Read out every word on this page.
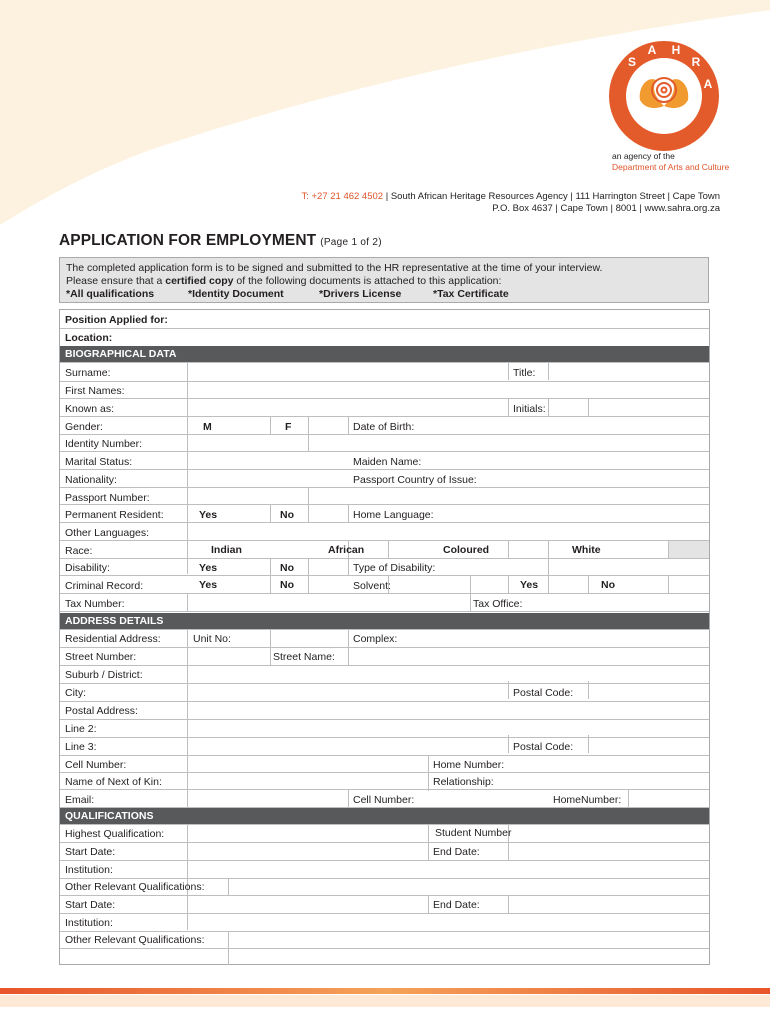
S
A H
R
A
an agency of the
Department of Arts and Culture
T: +27 21 462 4502 | South African Heritage Resources Agency | 111 Harrington Street | Cape Town
P.O. Box 4637 | Cape Town | 8001 | www.sahra.org.za
APPLICATION FOR EMPLOYMENT (Page 1 of 2)
The completed application form is to be signed and submitted to the HR representative at the time of your interview.
Please ensure that a certified copy of the following documents is attached to this application:
*All qualifications	*Identity Document	*Drivers License	*Tax Certificate
Position Applied for:
Location:
BIOGRAPHICAL DATA
Surname:	Title:
First Names:
Known as:	Initials:
Gender:	M	F	Date of Birth:
Identity Number:
Marital Status:	Maiden Name:
Nationality:	Passport Country of Issue:
Passport Number:
Permanent Resident:	Yes	No	Home Language:
Other Languages:
Race:	Indian	African	Coloured	White
Disability:	Yes	No	Type of Disability:
Criminal Record:	Yes	No	Solvent:	Yes	No
Tax Number:	Tax Office:
ADDRESS DETAILS
Residential Address:	Unit No:	Complex:
Street Number:	Street Name:
Suburb / District:
City:	Postal Code:
Postal Address:
Line 2:
Line 3:	Postal Code:
Cell Number:	Home Number:
Name of Next of Kin:	Relationship:
Email:	Cell Number:	HomeNumber:
QUALIFICATIONS
Highest Qualification:	Student Number
Start Date:	End Date:
Institution:
Other Relevant Qualifications:
Start Date:	End Date:
Institution:
Other Relevant Qualifications:
